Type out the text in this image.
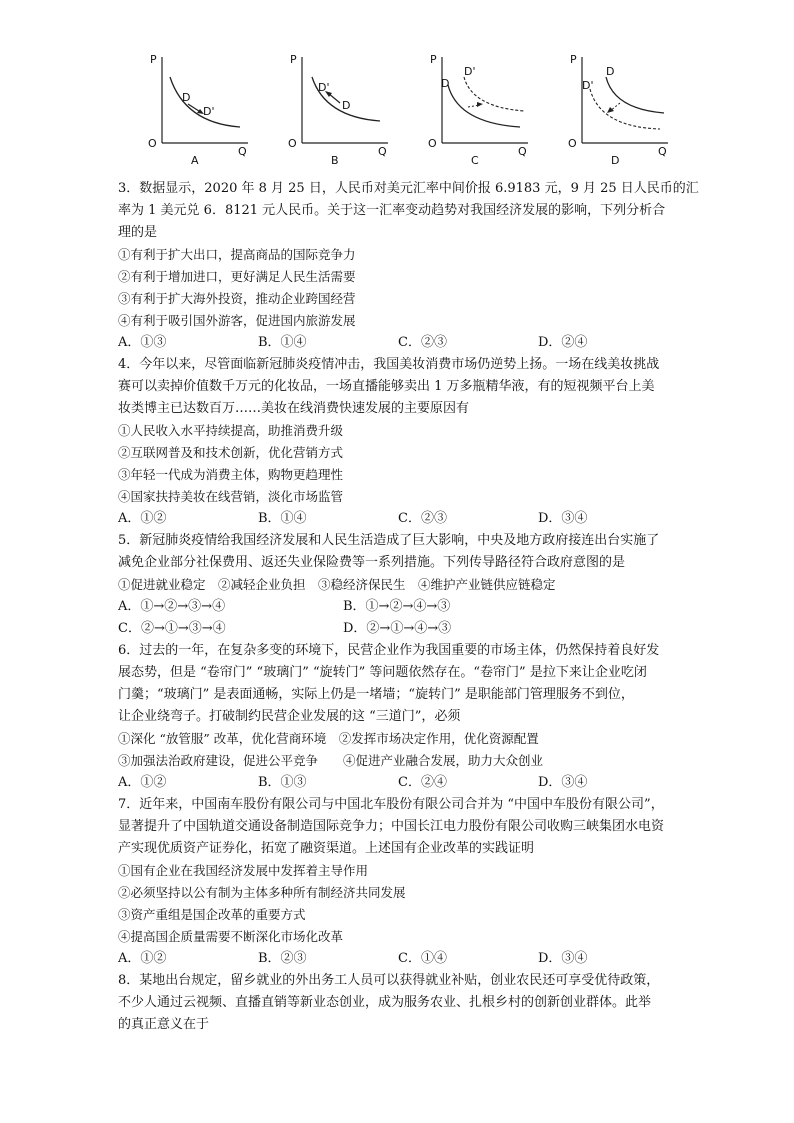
P
Q
O
D
D'
A
D'
D
P
Q
O
B
D
D'
P
Q
O
C
D'
D
P
Q
O
D
3．数据显示，2020 年 8 月 25 日，人民币对美元汇率中间价报 6.9183 元，9 月 25 日人民币的汇
率为 1 美元兑 6．8121 元人民币。关于这一汇率变动趋势对我国经济发展的影响，下列分析合
理的是
①有利于扩大出口，提高商品的国际竞争力
②有利于增加进口，更好满足人民生活需要
③有利于扩大海外投资，推动企业跨国经营
④有利于吸引国外游客，促进国内旅游发展
A．①③	B．①④	C．②③	D．②④
4．今年以来，尽管面临新冠肺炎疫情冲击，我国美妆消费市场仍逆势上扬。一场在线美妆挑战
赛可以卖掉价值数千万元的化妆品，一场直播能够卖出 1 万多瓶精华液，有的短视频平台上美
妆类博主已达数百万……美妆在线消费快速发展的主要原因有
①人民收入水平持续提高，助推消费升级
②互联网普及和技术创新，优化营销方式
③年轻一代成为消费主体，购物更趋理性
④国家扶持美妆在线营销，淡化市场监管
A．①②	B．①④	C．②③	D．③④
5．新冠肺炎疫情给我国经济发展和人民生活造成了巨大影响，中央及地方政府接连出台实施了
减免企业部分社保费用、返还失业保险费等一系列措施。下列传导路径符合政府意图的是
①促进就业稳定　②减轻企业负担　③稳经济保民生　④维护产业链供应链稳定
A．①→②→③→④	B．①→②→④→③
C．②→①→③→④	D．②→①→④→③
6．过去的一年，在复杂多变的环境下，民营企业作为我国重要的市场主体，仍然保持着良好发
展态势，但是 “卷帘门” “玻璃门” “旋转门” 等问题依然存在。“卷帘门” 是拉下来让企业吃闭
门羹；“玻璃门” 是表面通畅，实际上仍是一堵墙；“旋转门” 是职能部门管理服务不到位，
让企业绕弯子。打破制约民营企业发展的这 “三道门”，必须
①深化 “放管服” 改革，优化营商环境　②发挥市场决定作用，优化资源配置
③加强法治政府建设，促进公平竞争　　④促进产业融合发展，助力大众创业
A．①②	B．①③	C．②④	D．③④
7．近年来，中国南车股份有限公司与中国北车股份有限公司合并为 “中国中车股份有限公司”，
显著提升了中国轨道交通设备制造国际竞争力；中国长江电力股份有限公司收购三峡集团水电资
产实现优质资产证券化，拓宽了融资渠道。上述国有企业改革的实践证明
①国有企业在我国经济发展中发挥着主导作用
②必须坚持以公有制为主体多种所有制经济共同发展
③资产重组是国企改革的重要方式
④提高国企质量需要不断深化市场化改革
A．①②	B．②③	C．①④	D．③④
8．某地出台规定，留乡就业的外出务工人员可以获得就业补贴，创业农民还可享受优待政策，
不少人通过云视频、直播直销等新业态创业，成为服务农业、扎根乡村的创新创业群体。此举
的真正意义在于
